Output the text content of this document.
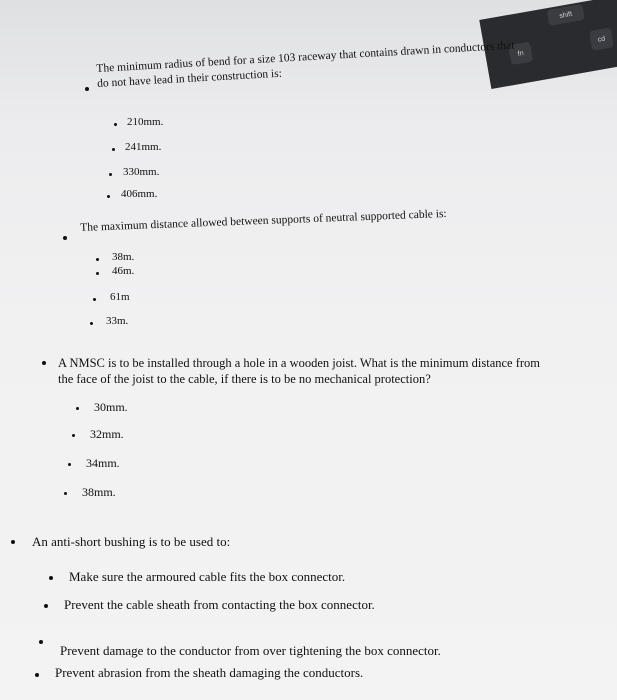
shift
fn
cd
The minimum radius of bend for a size 103 raceway that contains drawn in conductors that do not have lead in their construction is:
210mm.
241mm.
330mm.
406mm.
The maximum distance allowed between supports of neutral supported cable is:
38m.
46m.
61m
33m.
A NMSC is to be installed through a hole in a wooden joist. What is the minimum distance from the face of the joist to the cable, if there is to be no mechanical protection?
30mm.
32mm.
34mm.
38mm.
An anti-short bushing is to be used to:
Make sure the armoured cable fits the box connector.
Prevent the cable sheath from contacting the box connector.
Prevent damage to the conductor from over tightening the box connector.
Prevent abrasion from the sheath damaging the conductors.
